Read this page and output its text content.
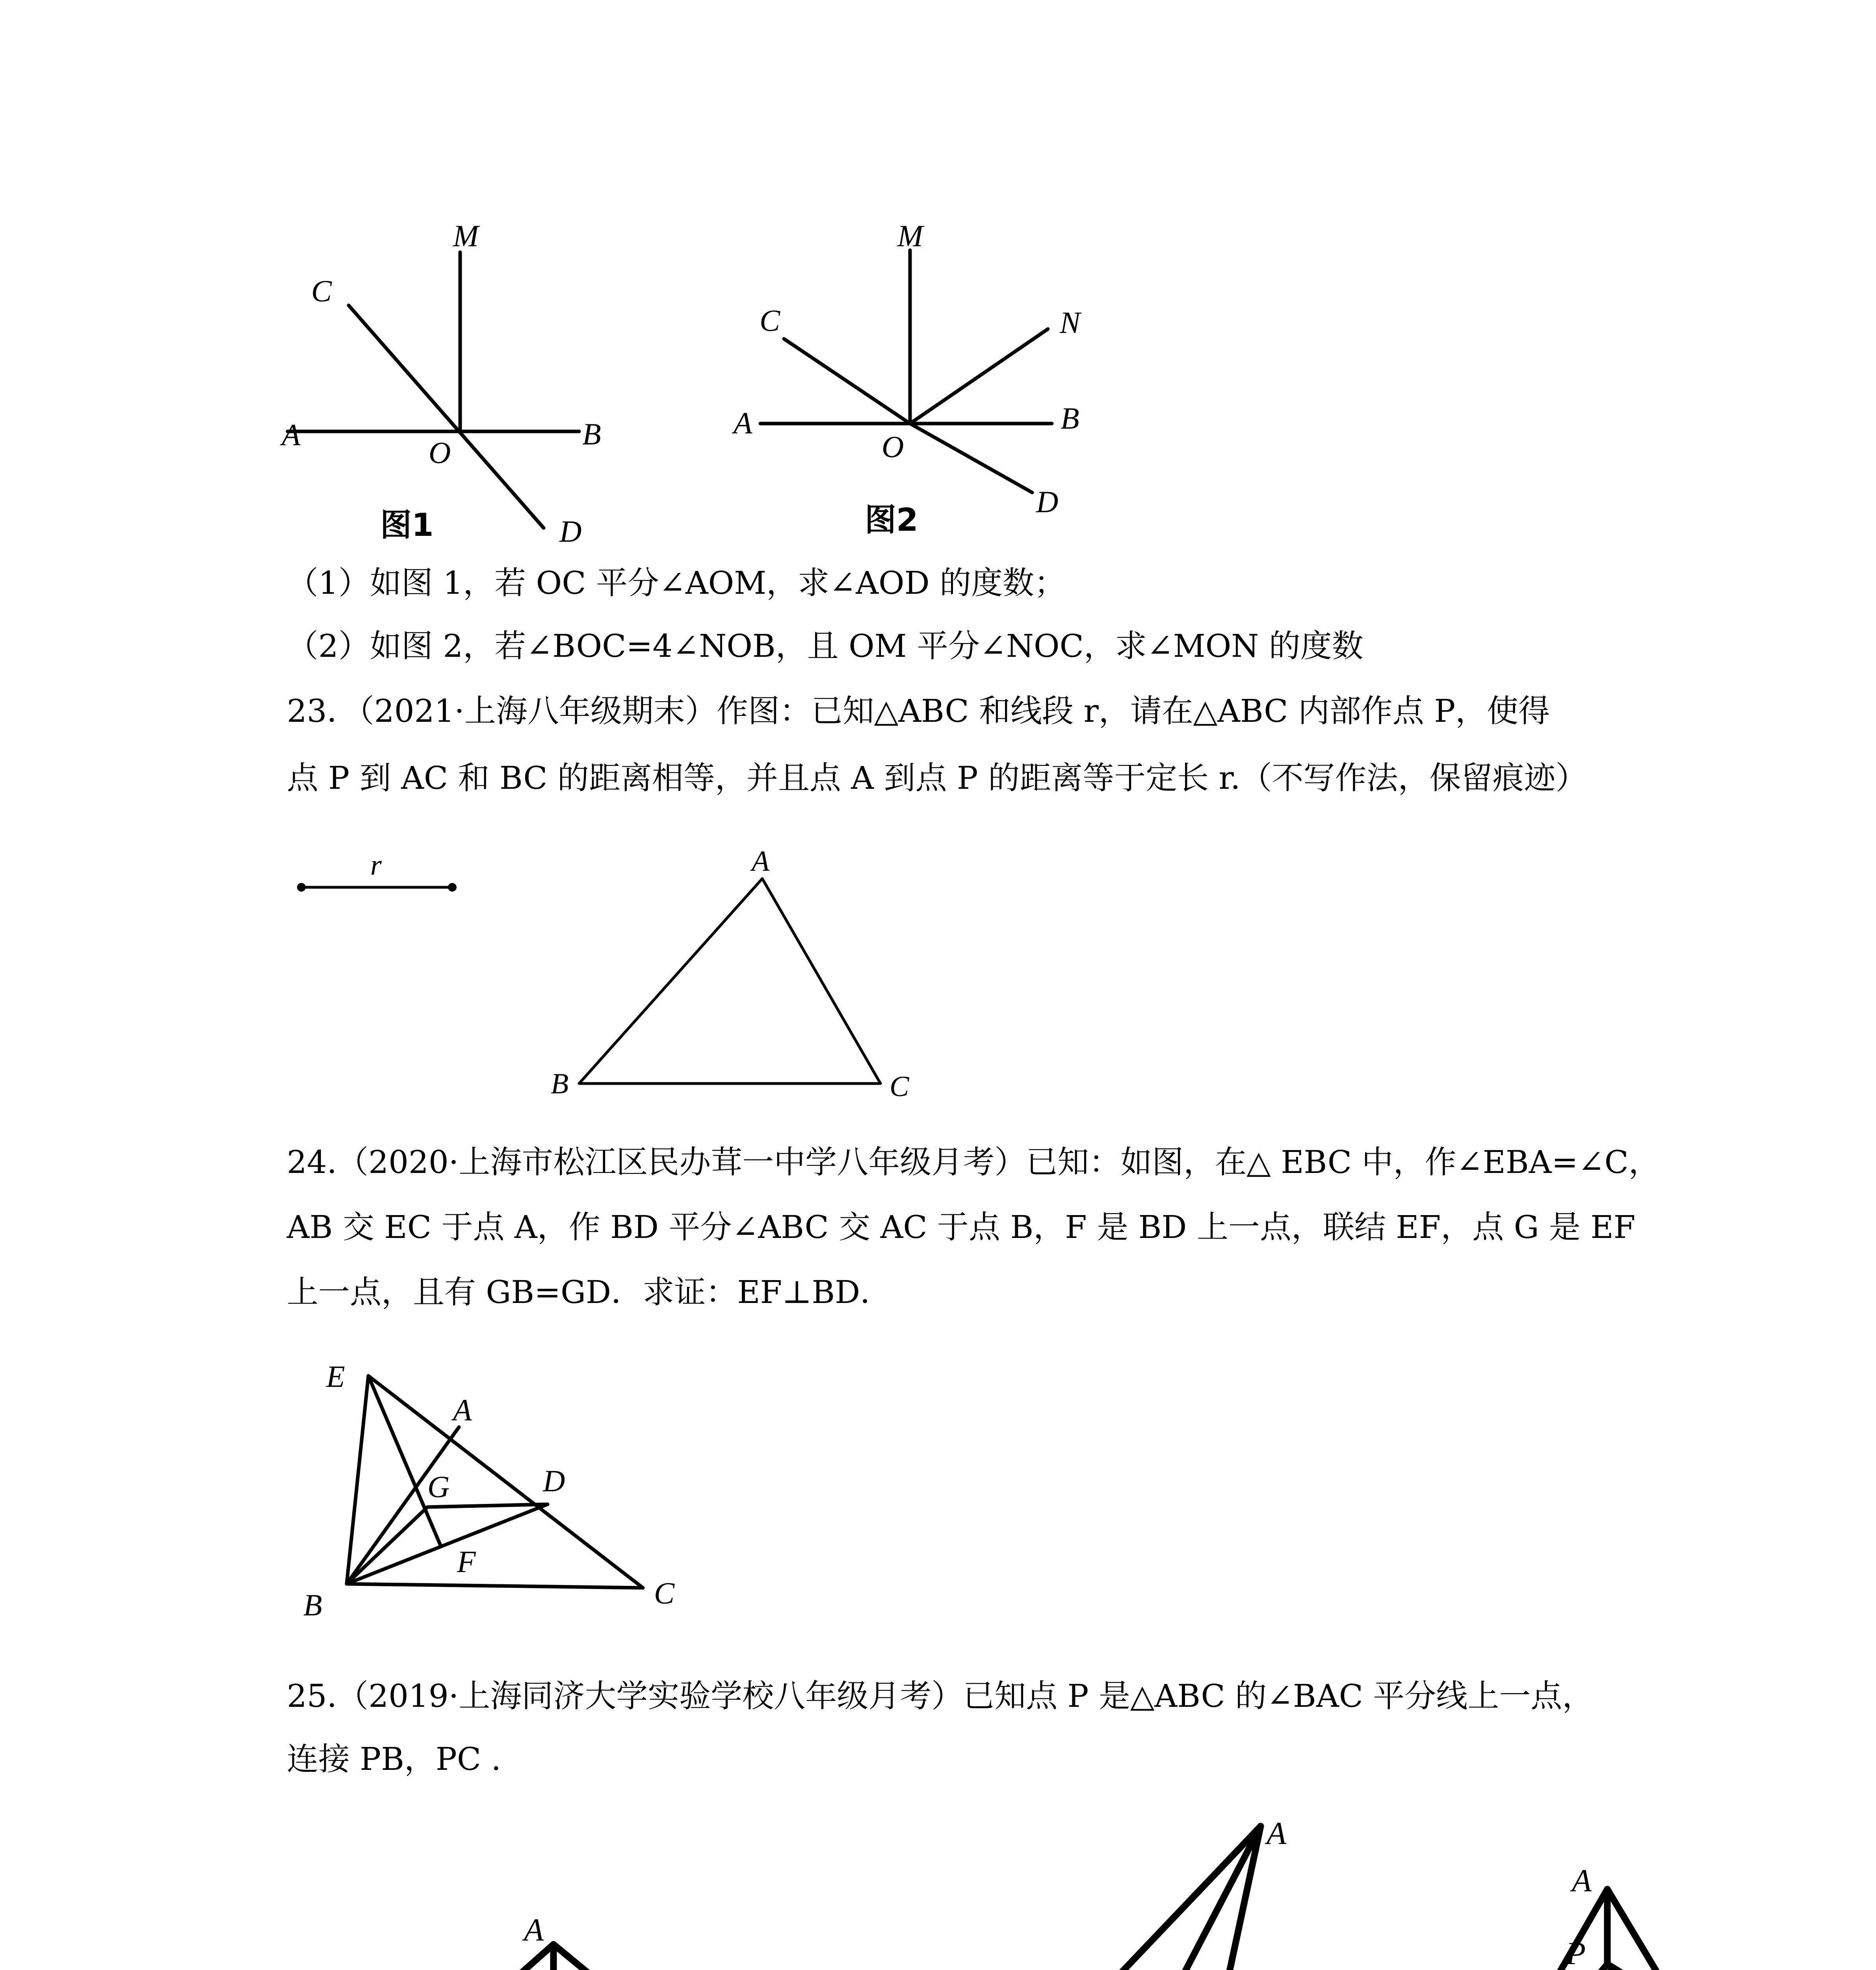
M
C
A
O
B
D
M
C	N
A
O
B
D
r	A
B	C
E
A
G	D
F
B	C
A
A
A
P
图1	图2
（1）如图 1，若 OC 平分∠AOM，求∠AOD 的度数；
（2）如图 2，若∠BOC=4∠NOB，且 OM 平分∠NOC，求∠MON 的度数
23．（2021·上海八年级期末）作图：已知△ABC 和线段 r，请在△ABC 内部作点 P，使得
点 P 到 AC 和 BC 的距离相等，并且点 A 到点 P 的距离等于定长 r.（不写作法，保留痕迹）
24.（2020·上海市松江区民办茸一中学八年级月考）已知：如图，在△ EBC 中，作∠EBA=∠C，
AB 交 EC 于点 A，作 BD 平分∠ABC 交 AC 于点 B，F 是 BD 上一点，联结 EF，点 G 是 EF
上一点，且有 GB=GD．求证：EF⊥BD．
25.（2019·上海同济大学实验学校八年级月考）已知点 P 是△ABC 的∠BAC 平分线上一点，
连接 PB，PC .
